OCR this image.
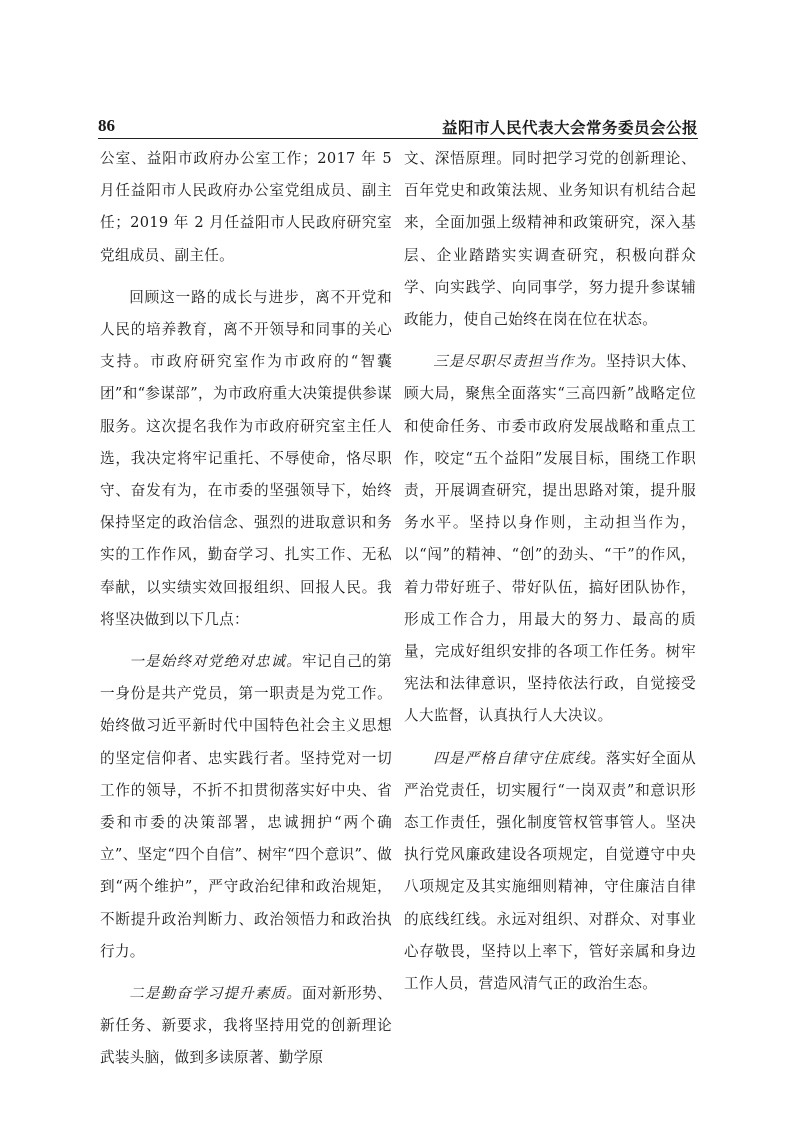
86	益阳市人民代表大会常务委员会公报

公室、益阳市政府办公室工作；2017 年 5 月任益阳市人民政府办公室党组成员、副主任；2019 年 2 月任益阳市人民政府研究室党组成员、副主任。

回顾这一路的成长与进步，离不开党和人民的培养教育，离不开领导和同事的关心支持。市政府研究室作为市政府的“智囊团”和“参谋部”，为市政府重大决策提供参谋服务。这次提名我作为市政府研究室主任人选，我决定将牢记重托、不辱使命，恪尽职守、奋发有为，在市委的坚强领导下，始终保持坚定的政治信念、强烈的进取意识和务实的工作作风，勤奋学习、扎实工作、无私奉献，以实绩实效回报组织、回报人民。我将坚决做到以下几点：

一是始终对党绝对忠诚。牢记自己的第一身份是共产党员，第一职责是为党工作。始终做习近平新时代中国特色社会主义思想的坚定信仰者、忠实践行者。坚持党对一切工作的领导，不折不扣贯彻落实好中央、省委和市委的决策部署，忠诚拥护“两个确立”、坚定“四个自信”、树牢“四个意识”、做到“两个维护”，严守政治纪律和政治规矩，不断提升政治判断力、政治领悟力和政治执行力。

二是勤奋学习提升素质。面对新形势、新任务、新要求，我将坚持用党的创新理论武装头脑，做到多读原著、勤学原

文、深悟原理。同时把学习党的创新理论、百年党史和政策法规、业务知识有机结合起来，全面加强上级精神和政策研究，深入基层、企业踏踏实实调查研究，积极向群众学、向实践学、向同事学，努力提升参谋辅政能力，使自己始终在岗在位在状态。

三是尽职尽责担当作为。坚持识大体、顾大局，聚焦全面落实“三高四新”战略定位和使命任务、市委市政府发展战略和重点工作，咬定“五个益阳”发展目标，围绕工作职责，开展调查研究，提出思路对策，提升服务水平。坚持以身作则，主动担当作为，以“闯”的精神、“创”的劲头、“干”的作风，着力带好班子、带好队伍，搞好团队协作，形成工作合力，用最大的努力、最高的质量，完成好组织安排的各项工作任务。树牢宪法和法律意识，坚持依法行政，自觉接受人大监督，认真执行人大决议。

四是严格自律守住底线。落实好全面从严治党责任，切实履行“一岗双责”和意识形态工作责任，强化制度管权管事管人。坚决执行党风廉政建设各项规定，自觉遵守中央八项规定及其实施细则精神，守住廉洁自律的底线红线。永远对组织、对群众、对事业心存敬畏，坚持以上率下，管好亲属和身边工作人员，营造风清气正的政治生态。
